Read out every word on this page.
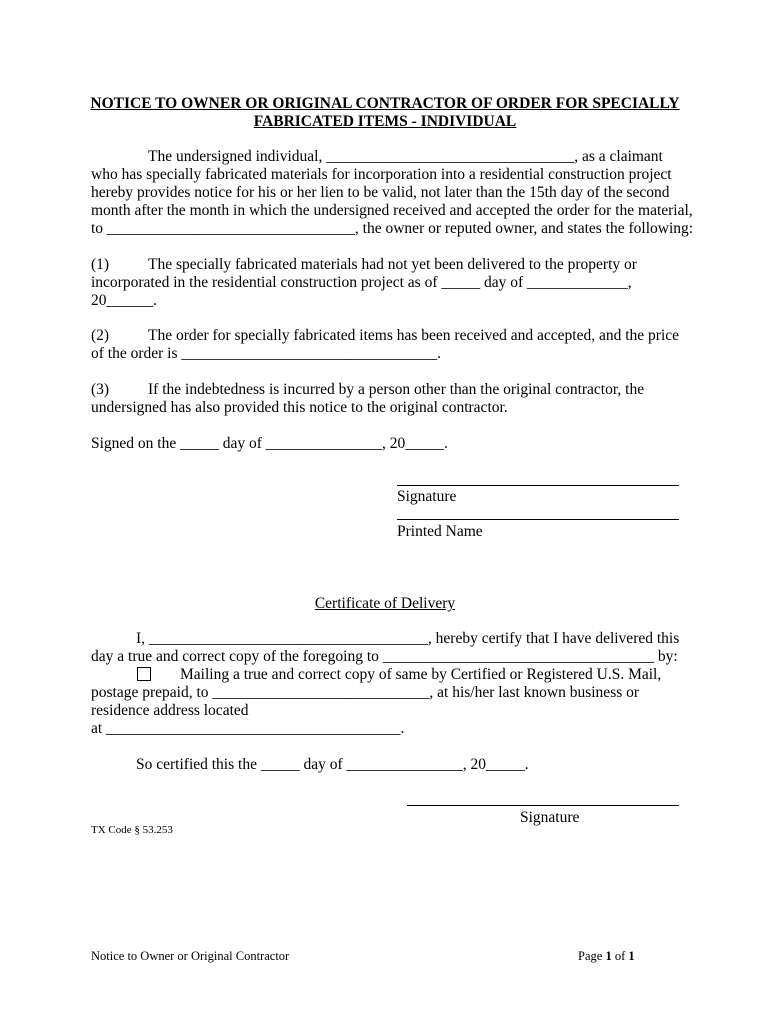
NOTICE TO OWNER OR ORIGINAL CONTRACTOR OF ORDER FOR SPECIALLY
FABRICATED ITEMS - INDIVIDUAL
The undersigned individual, ________________________________, as a claimant
who has specially fabricated materials for incorporation into a residential construction project
hereby provides notice for his or her lien to be valid, not later than the 15th day of the second
month after the month in which the undersigned received and accepted the order for the material,
to ________________________________, the owner or reputed owner, and states the following:
(1)	The specially fabricated materials had not yet been delivered to the property or
incorporated in the residential construction project as of _____ day of _____________,
20______.
(2)	The order for specially fabricated items has been received and accepted, and the price
of the order is _________________________________.
(3)	If the indebtedness is incurred by a person other than the original contractor, the
undersigned has also provided this notice to the original contractor.
Signed on the _____ day of _______________, 20_____.
Signature
Printed Name
Certificate of Delivery
I, ____________________________________, hereby certify that I have delivered this
day a true and correct copy of the foregoing to ___________________________________ by:
Mailing a true and correct copy of same by Certified or Registered U.S. Mail,
postage prepaid, to ____________________________, at his/her last known business or
residence address located
at ______________________________________.
So certified this the _____ day of _______________, 20_____.
Signature
TX Code § 53.253
Notice to Owner or Original Contractor	Page 1 of 1
